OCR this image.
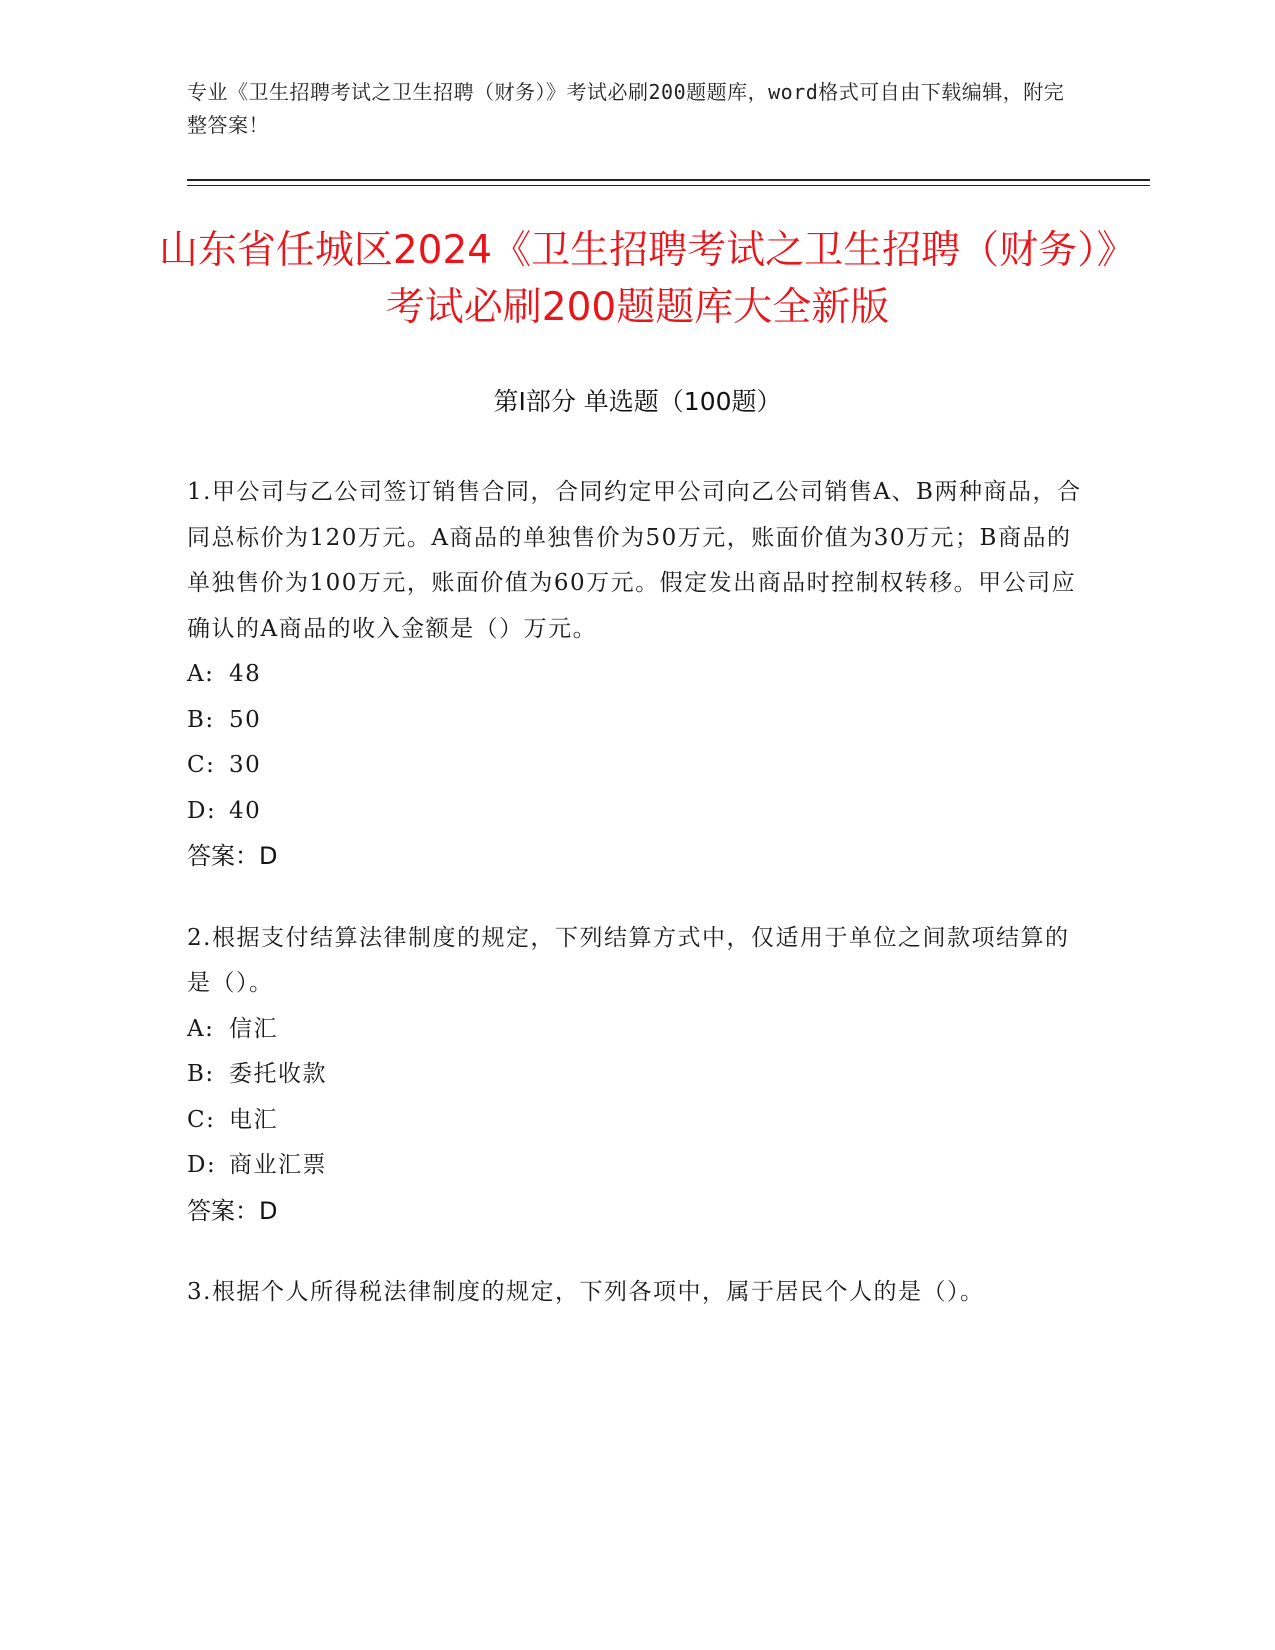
专业《卫生招聘考试之卫生招聘（财务）》考试必刷200题题库，word格式可自由下载编辑，附完整答案！
山东省任城区2024《卫生招聘考试之卫生招聘（财务）》考试必刷200题题库大全新版
第Ⅰ部分 单选题（100题）

1.甲公司与乙公司签订销售合同，合同约定甲公司向乙公司销售A、B两种商品，合同总标价为120万元。A商品的单独售价为50万元，账面价值为30万元；B商品的单独售价为100万元，账面价值为60万元。假定发出商品时控制权转移。甲公司应确认的A商品的收入金额是（）万元。

A: 48
B: 50
C: 30
D: 40
答案：D

2.根据支付结算法律制度的规定，下列结算方式中，仅适用于单位之间款项结算的是（）。

A: 信汇
B: 委托收款
C: 电汇
D: 商业汇票
答案：D

3.根据个人所得税法律制度的规定，下列各项中，属于居民个人的是（）。
